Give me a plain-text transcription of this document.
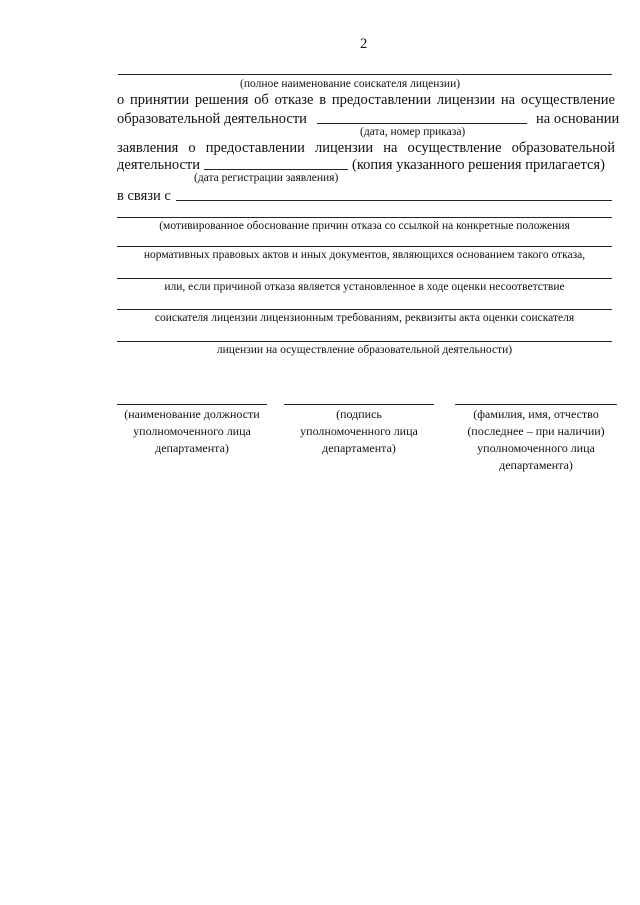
2
(полное наименование соискателя лицензии)
о принятии решения об отказе в предоставлении лицензии на осуществление
образовательной деятельности	на основании
(дата, номер приказа)
заявления о предоставлении лицензии на осуществление образовательной
деятельности	(копия указанного решения прилагается)
(дата регистрации заявления)
в связи с
(мотивированное обоснование причин отказа со ссылкой на конкретные положения
нормативных правовых актов и иных документов, являющихся основанием такого отказа,
или, если причиной отказа является установленное в ходе оценки несоответствие
соискателя лицензии лицензионным требованиям, реквизиты акта оценки соискателя
лицензии на осуществление образовательной деятельности)
(наименование должности
уполномоченного лица
департамента)
(подпись
уполномоченного лица
департамента)
(фамилия, имя, отчество
(последнее – при наличии)
уполномоченного лица
департамента)
